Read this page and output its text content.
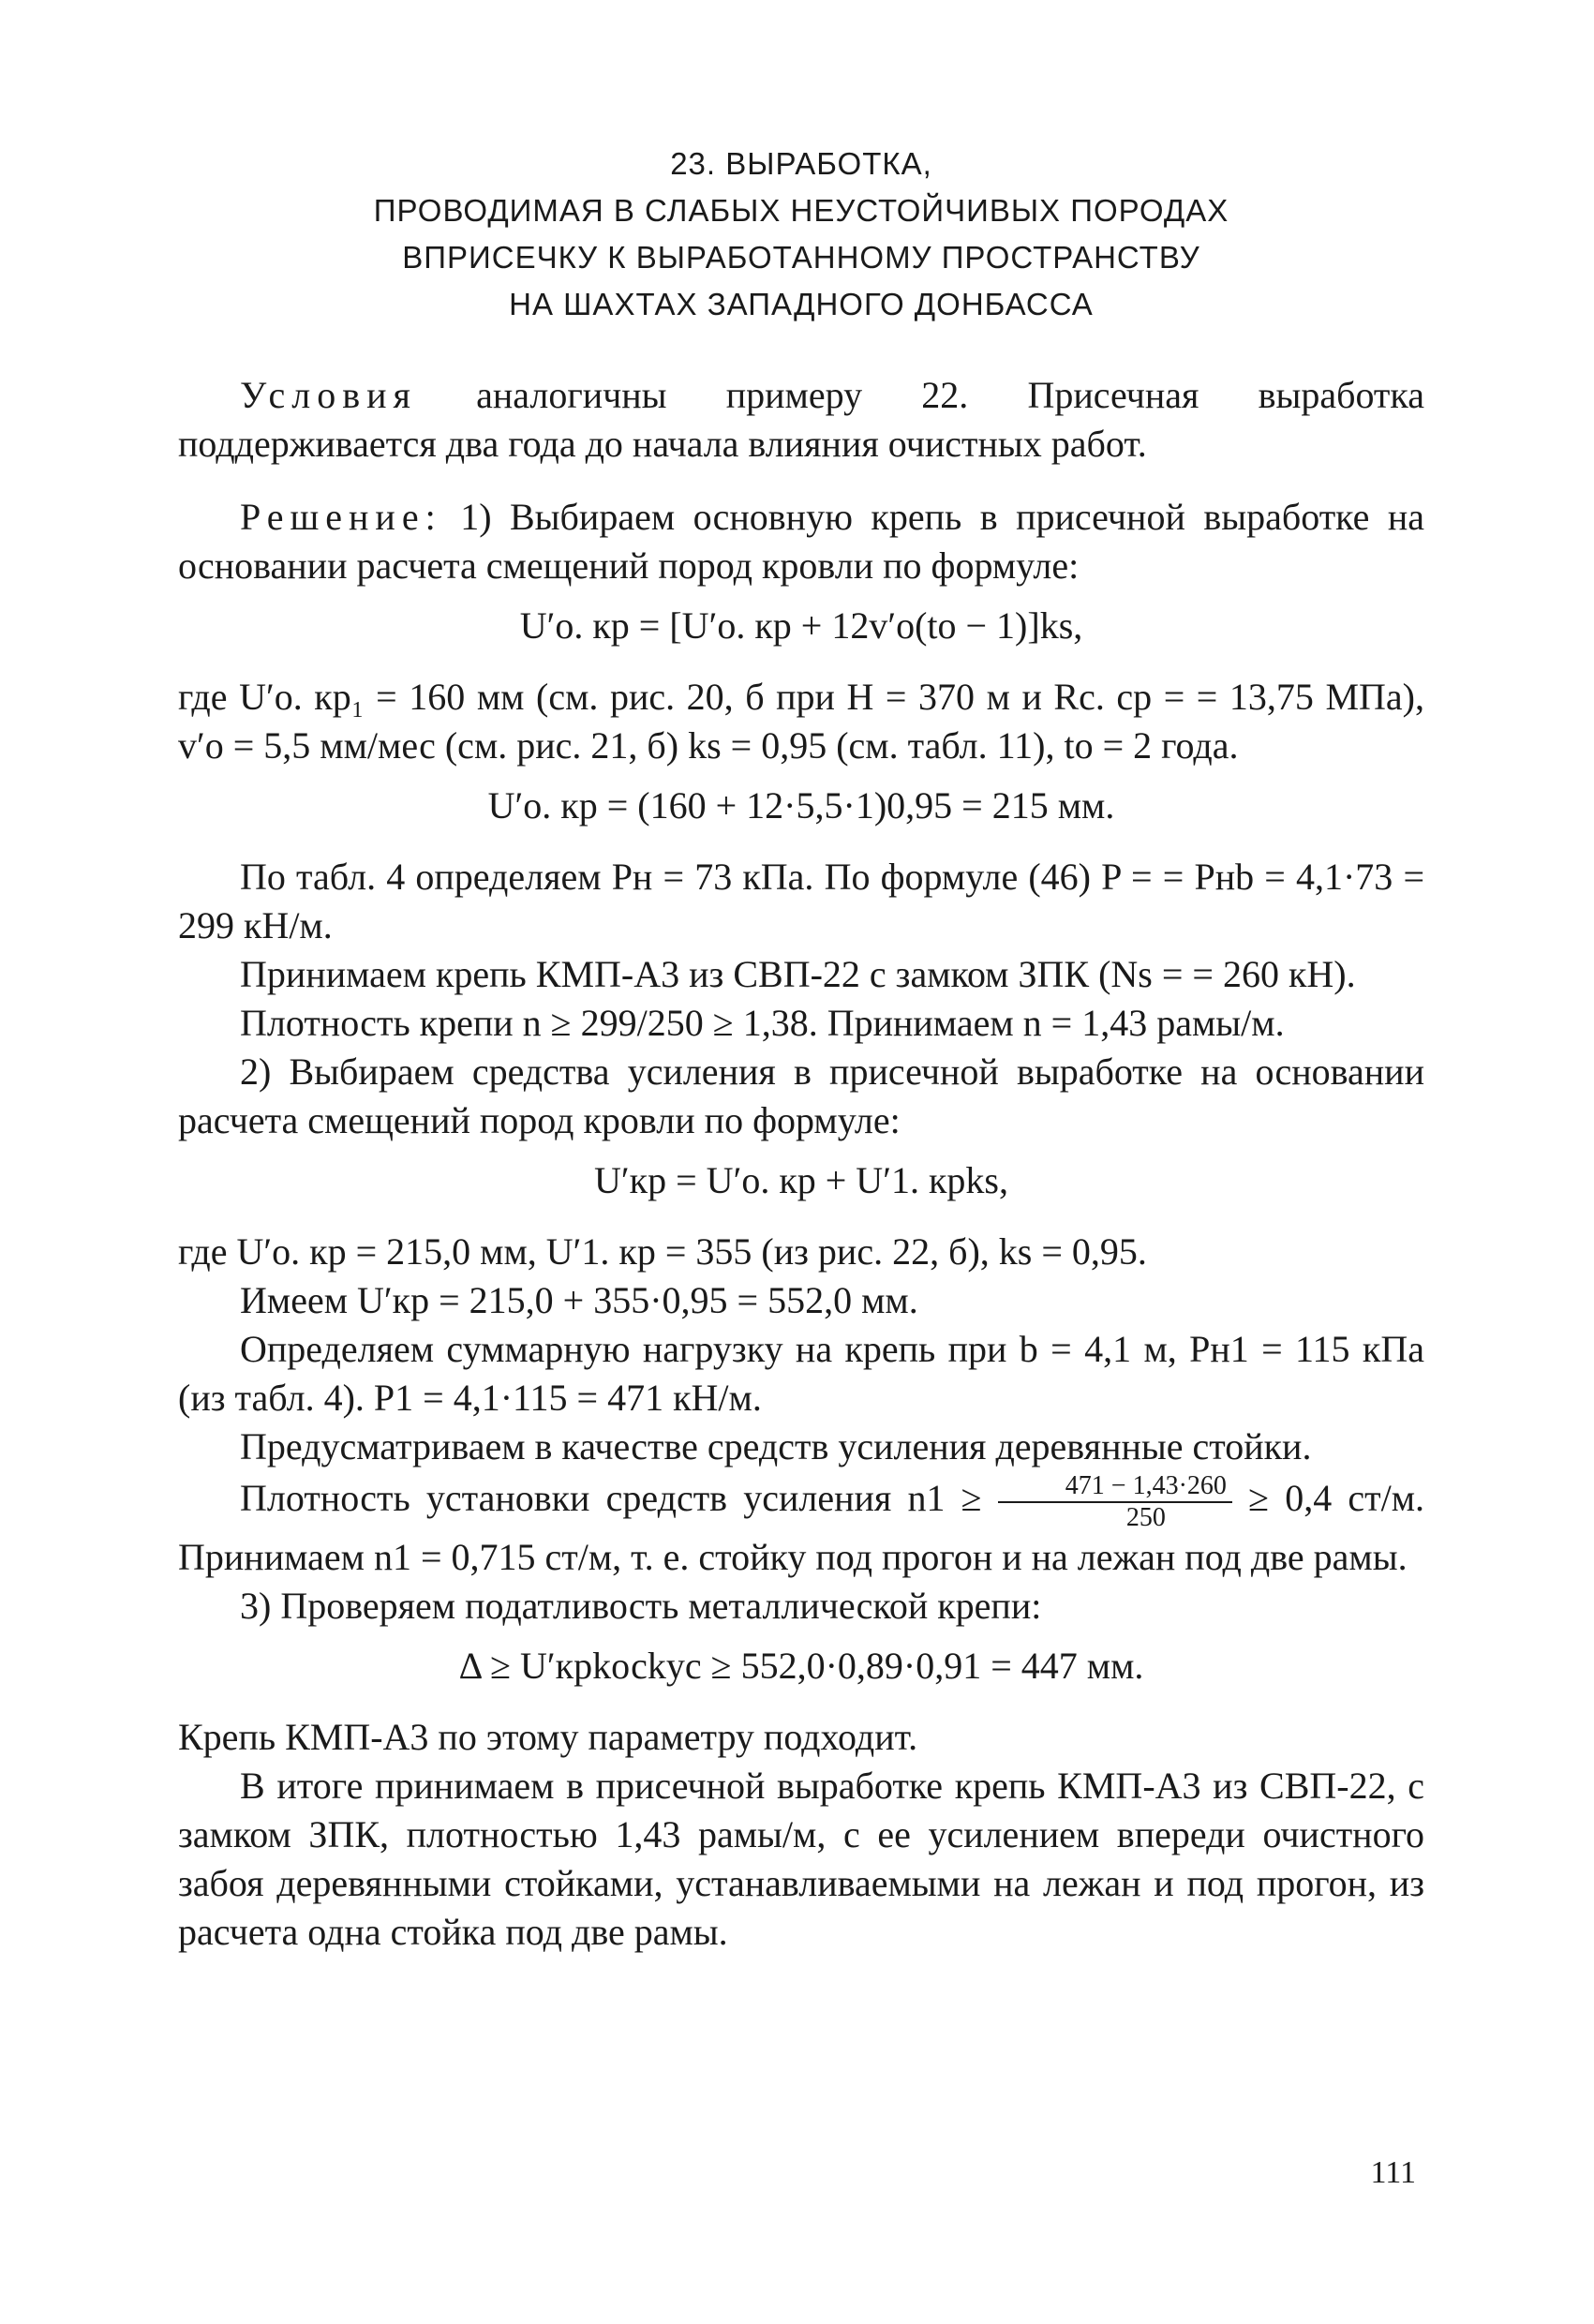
23. ВЫРАБОТКА,
ПРОВОДИМАЯ В СЛАБЫХ НЕУСТОЙЧИВЫХ ПОРОДАХ
ВПРИСЕЧКУ К ВЫРАБОТАННОМУ ПРОСТРАНСТВУ
НА ШАХТАХ ЗАПАДНОГО ДОНБАССА

Условия аналогичны примеру 22. Присечная выработка поддерживается два года до начала влияния очистных работ.

Решение: 1) Выбираем основную крепь в присечной выработке на основании расчета смещений пород кровли по формуле:

U′о. кр = [U′о. кр + 12v′о(tо − 1)]ks,

где U′о. кр₁ = 160 мм (см. рис. 20, б при H = 370 м и Rс. ср = = 13,75 МПа), v′о = 5,5 мм/мес (см. рис. 21, б) ks = 0,95 (см. табл. 11), tо = 2 года.

U′о. кр = (160 + 12·5,5·1)0,95 = 215 мм.

По табл. 4 определяем Pн = 73 кПа. По формуле (46) P = = Pнb = 4,1·73 = 299 кН/м.

Принимаем крепь КМП-А3 из СВП-22 с замком ЗПК (Ns = = 260 кН).

Плотность крепи n ≥ 299/250 ≥ 1,38. Принимаем n = 1,43 рамы/м.

2) Выбираем средства усиления в присечной выработке на основании расчета смещений пород кровли по формуле:

U′кр = U′о. кр + U′1. крks,

где U′о. кр = 215,0 мм, U′1. кр = 355 (из рис. 22, б), ks = 0,95.

Имеем U′кр = 215,0 + 355·0,95 = 552,0 мм.

Определяем суммарную нагрузку на крепь при b = 4,1 м, Pн1 = 115 кПа (из табл. 4). P1 = 4,1·115 = 471 кН/м.

Предусматриваем в качестве средств усиления деревянные стойки.

Плотность установки средств усиления $n1 \ge \frac{471 - 1,43\cdot 260}{250} \ge 0,4$ ст/м. Принимаем n1 = 0,715 ст/м, т. е. стойку под прогон и на лежан под две рамы.

3) Проверяем податливость металлической крепи:

Δ ≥ U′крkосkус ≥ 552,0·0,89·0,91 = 447 мм.

Крепь КМП-А3 по этому параметру подходит.

В итоге принимаем в присечной выработке крепь КМП-А3 из СВП-22, с замком ЗПК, плотностью 1,43 рамы/м, с ее усилением впереди очистного забоя деревянными стойками, устанавливаемыми на лежан и под прогон, из расчета одна стойка под две рамы.

111
